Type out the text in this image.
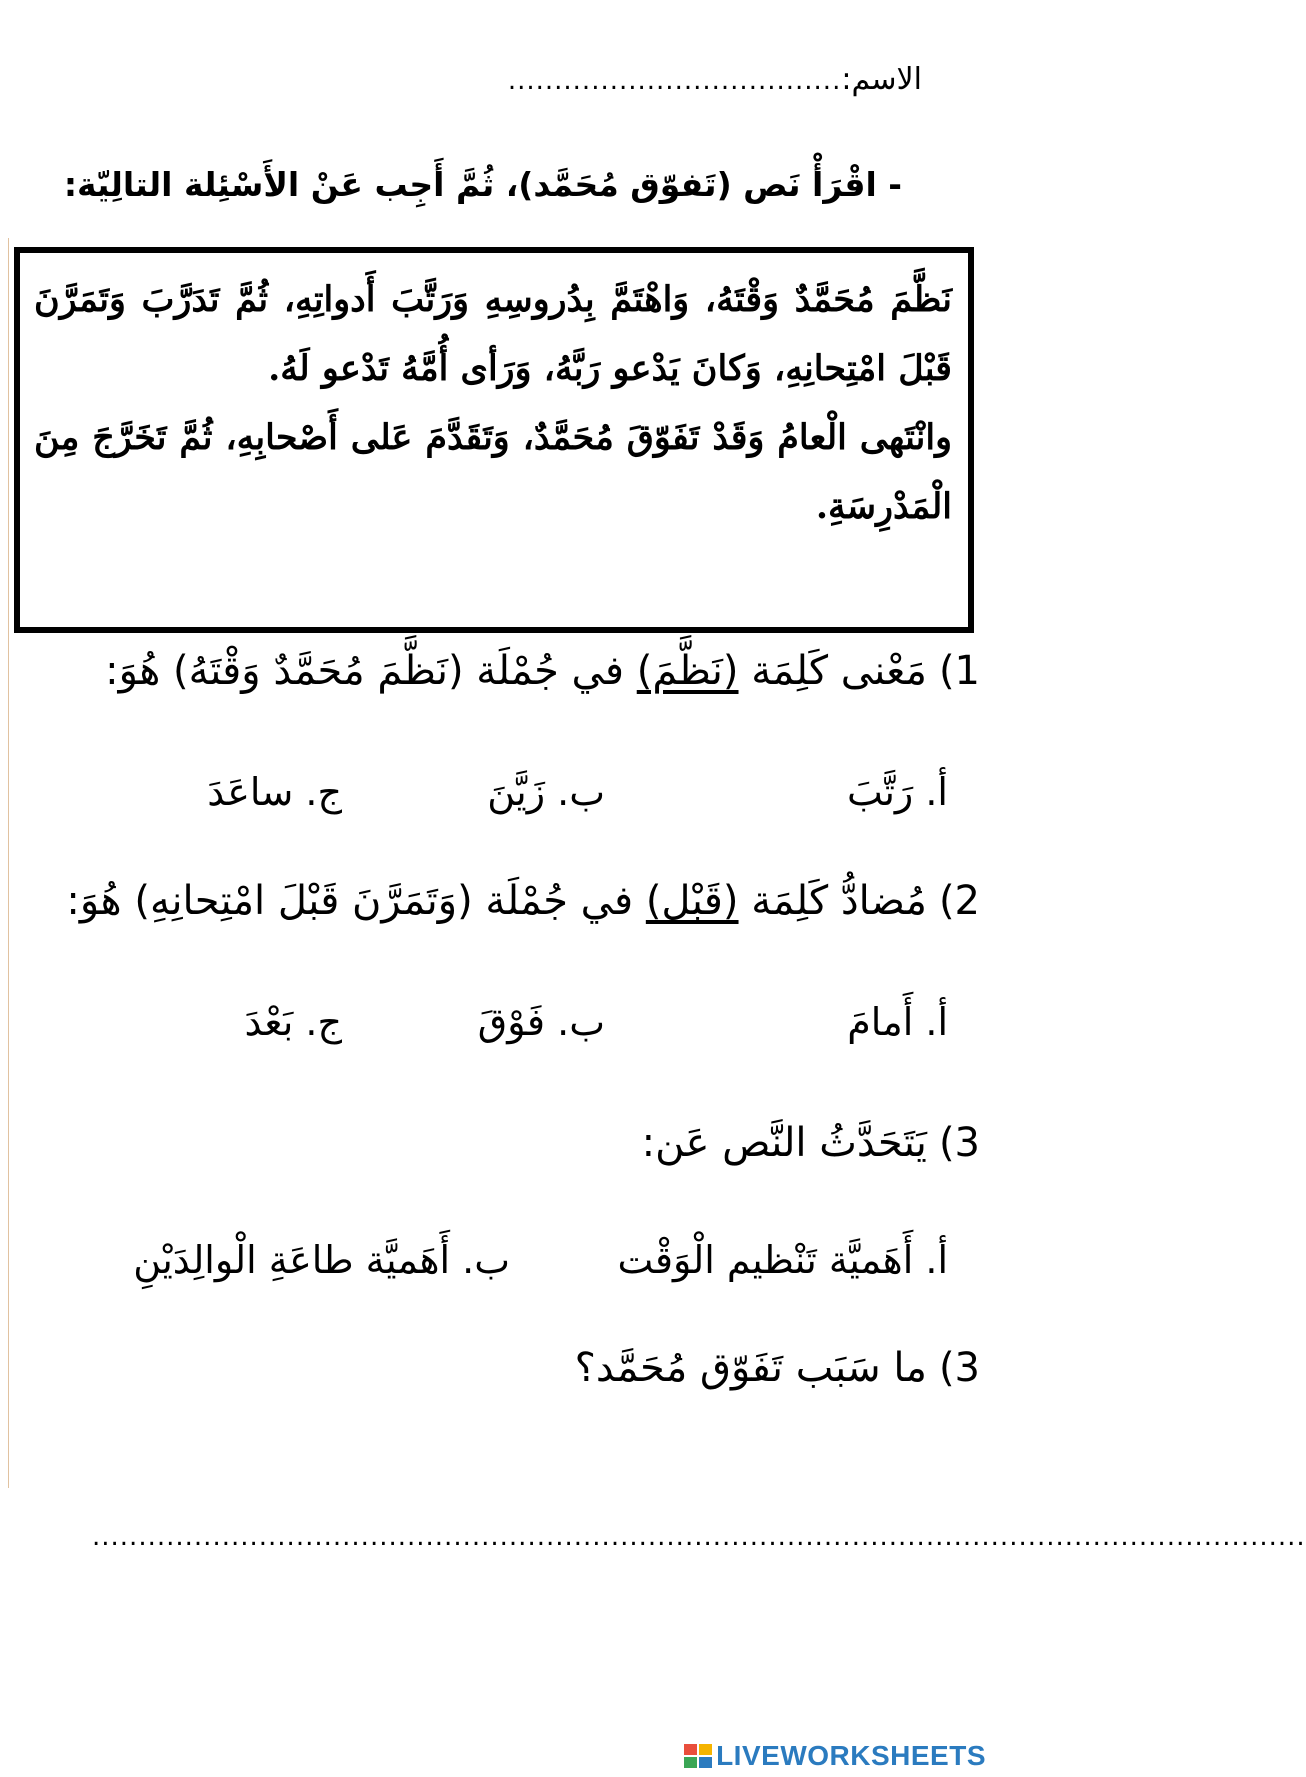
الاسم:....................................
- اقْرَأْ نَص (تَفوّق مُحَمَّد)، ثُمَّ أَجِب عَنْ الأَسْئِلة التالِيّة:

نَظَّمَ مُحَمَّدٌ وَقْتَهُ، وَاهْتَمَّ بِدُروسِهِ وَرَتَّبَ أَدواتِهِ، ثُمَّ تَدَرَّبَ وَتَمَرَّنَ قَبْلَ امْتِحانِهِ، وَكانَ يَدْعو رَبَّهُ، وَرَأى أُمَّهُ تَدْعو لَهُ.

وانْتَهى الْعامُ وَقَدْ تَفَوّقَ مُحَمَّدٌ، وَتَقَدَّمَ عَلى أَصْحابِهِ، ثُمَّ تَخَرَّجَ مِنَ الْمَدْرِسَةِ.

1)مَعْنى كَلِمَة (نَظَّمَ) في جُمْلَة (نَظَّمَ مُحَمَّدٌ وَقْتَهُ) هُوَ:
أ. رَتَّبَ
ب. زَيَّنَ
ج. ساعَدَ
2)مُضادُّ كَلِمَة (قَبْل) في جُمْلَة (وَتَمَرَّنَ قَبْلَ امْتِحانِهِ) هُوَ:
أ. أَمامَ
ب. فَوْقَ
ج. بَعْدَ
3)يَتَحَدَّثُ النَّص عَن:
أ. أَهَميَّة تَنْظيم الْوَقْت
ب. أَهَميَّة طاعَةِ الْوالِدَيْنِ
3)ما سَبَب تَفَوّق مُحَمَّد؟
...................................................................................................................................
LIVEWORKSHEETS
